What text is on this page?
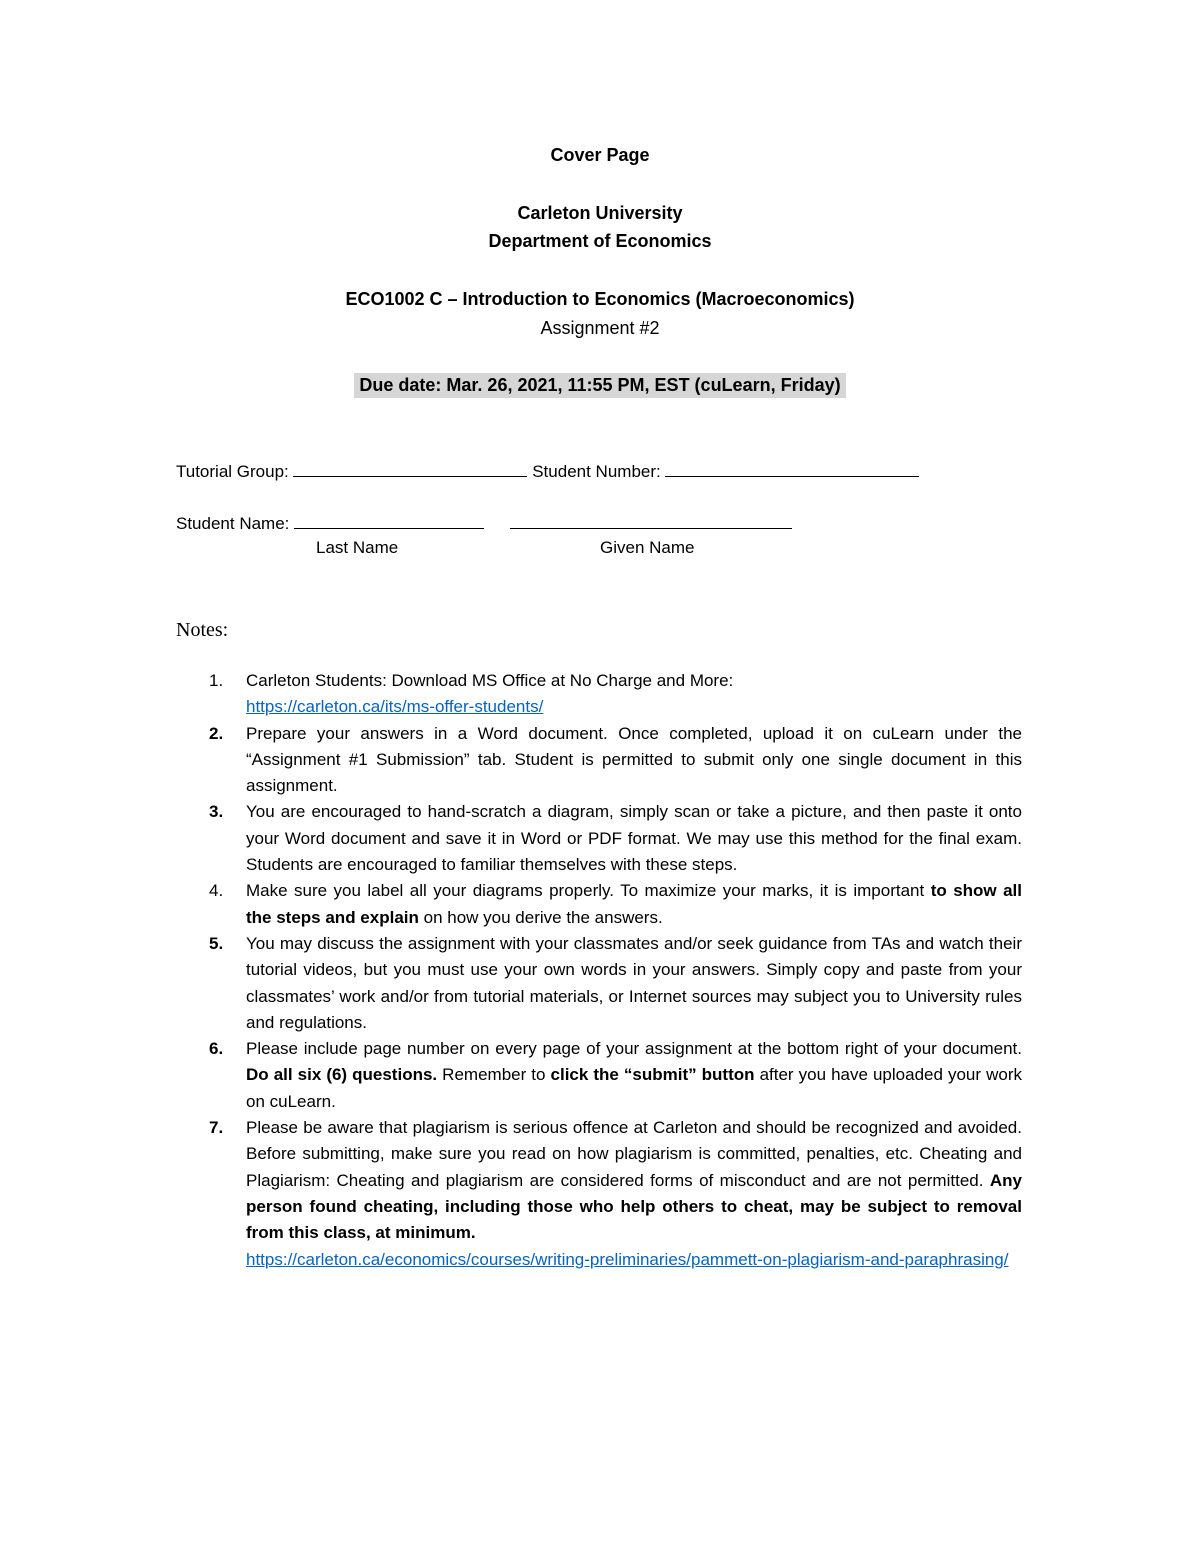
Cover Page
Carleton University
Department of Economics
ECO1002 C – Introduction to Economics (Macroeconomics)
Assignment #2
Due date: Mar. 26, 2021, 11:55 PM, EST (cuLearn, Friday)
Tutorial Group:	Student Number:
Student Name:
Last Name	Given Name
Notes:
1. Carleton Students: Download MS Office at No Charge and More:
https://carleton.ca/its/ms-offer-students/
2. Prepare your answers in a Word document. Once completed, upload it on cuLearn under the “Assignment #1 Submission” tab. Student is permitted to submit only one single document in this assignment.
3. You are encouraged to hand-scratch a diagram, simply scan or take a picture, and then paste it onto your Word document and save it in Word or PDF format. We may use this method for the final exam. Students are encouraged to familiar themselves with these steps.
4. Make sure you label all your diagrams properly. To maximize your marks, it is important to show all the steps and explain on how you derive the answers.
5. You may discuss the assignment with your classmates and/or seek guidance from TAs and watch their tutorial videos, but you must use your own words in your answers. Simply copy and paste from your classmates’ work and/or from tutorial materials, or Internet sources may subject you to University rules and regulations.
6. Please include page number on every page of your assignment at the bottom right of your document. Do all six (6) questions. Remember to click the “submit” button after you have uploaded your work on cuLearn.
7. Please be aware that plagiarism is serious offence at Carleton and should be recognized and avoided. Before submitting, make sure you read on how plagiarism is committed, penalties, etc. Cheating and Plagiarism: Cheating and plagiarism are considered forms of misconduct and are not permitted. Any person found cheating, including those who help others to cheat, may be subject to removal from this class, at minimum.
https://carleton.ca/economics/courses/writing-preliminaries/pammett-on-plagiarism-and-paraphrasing/
